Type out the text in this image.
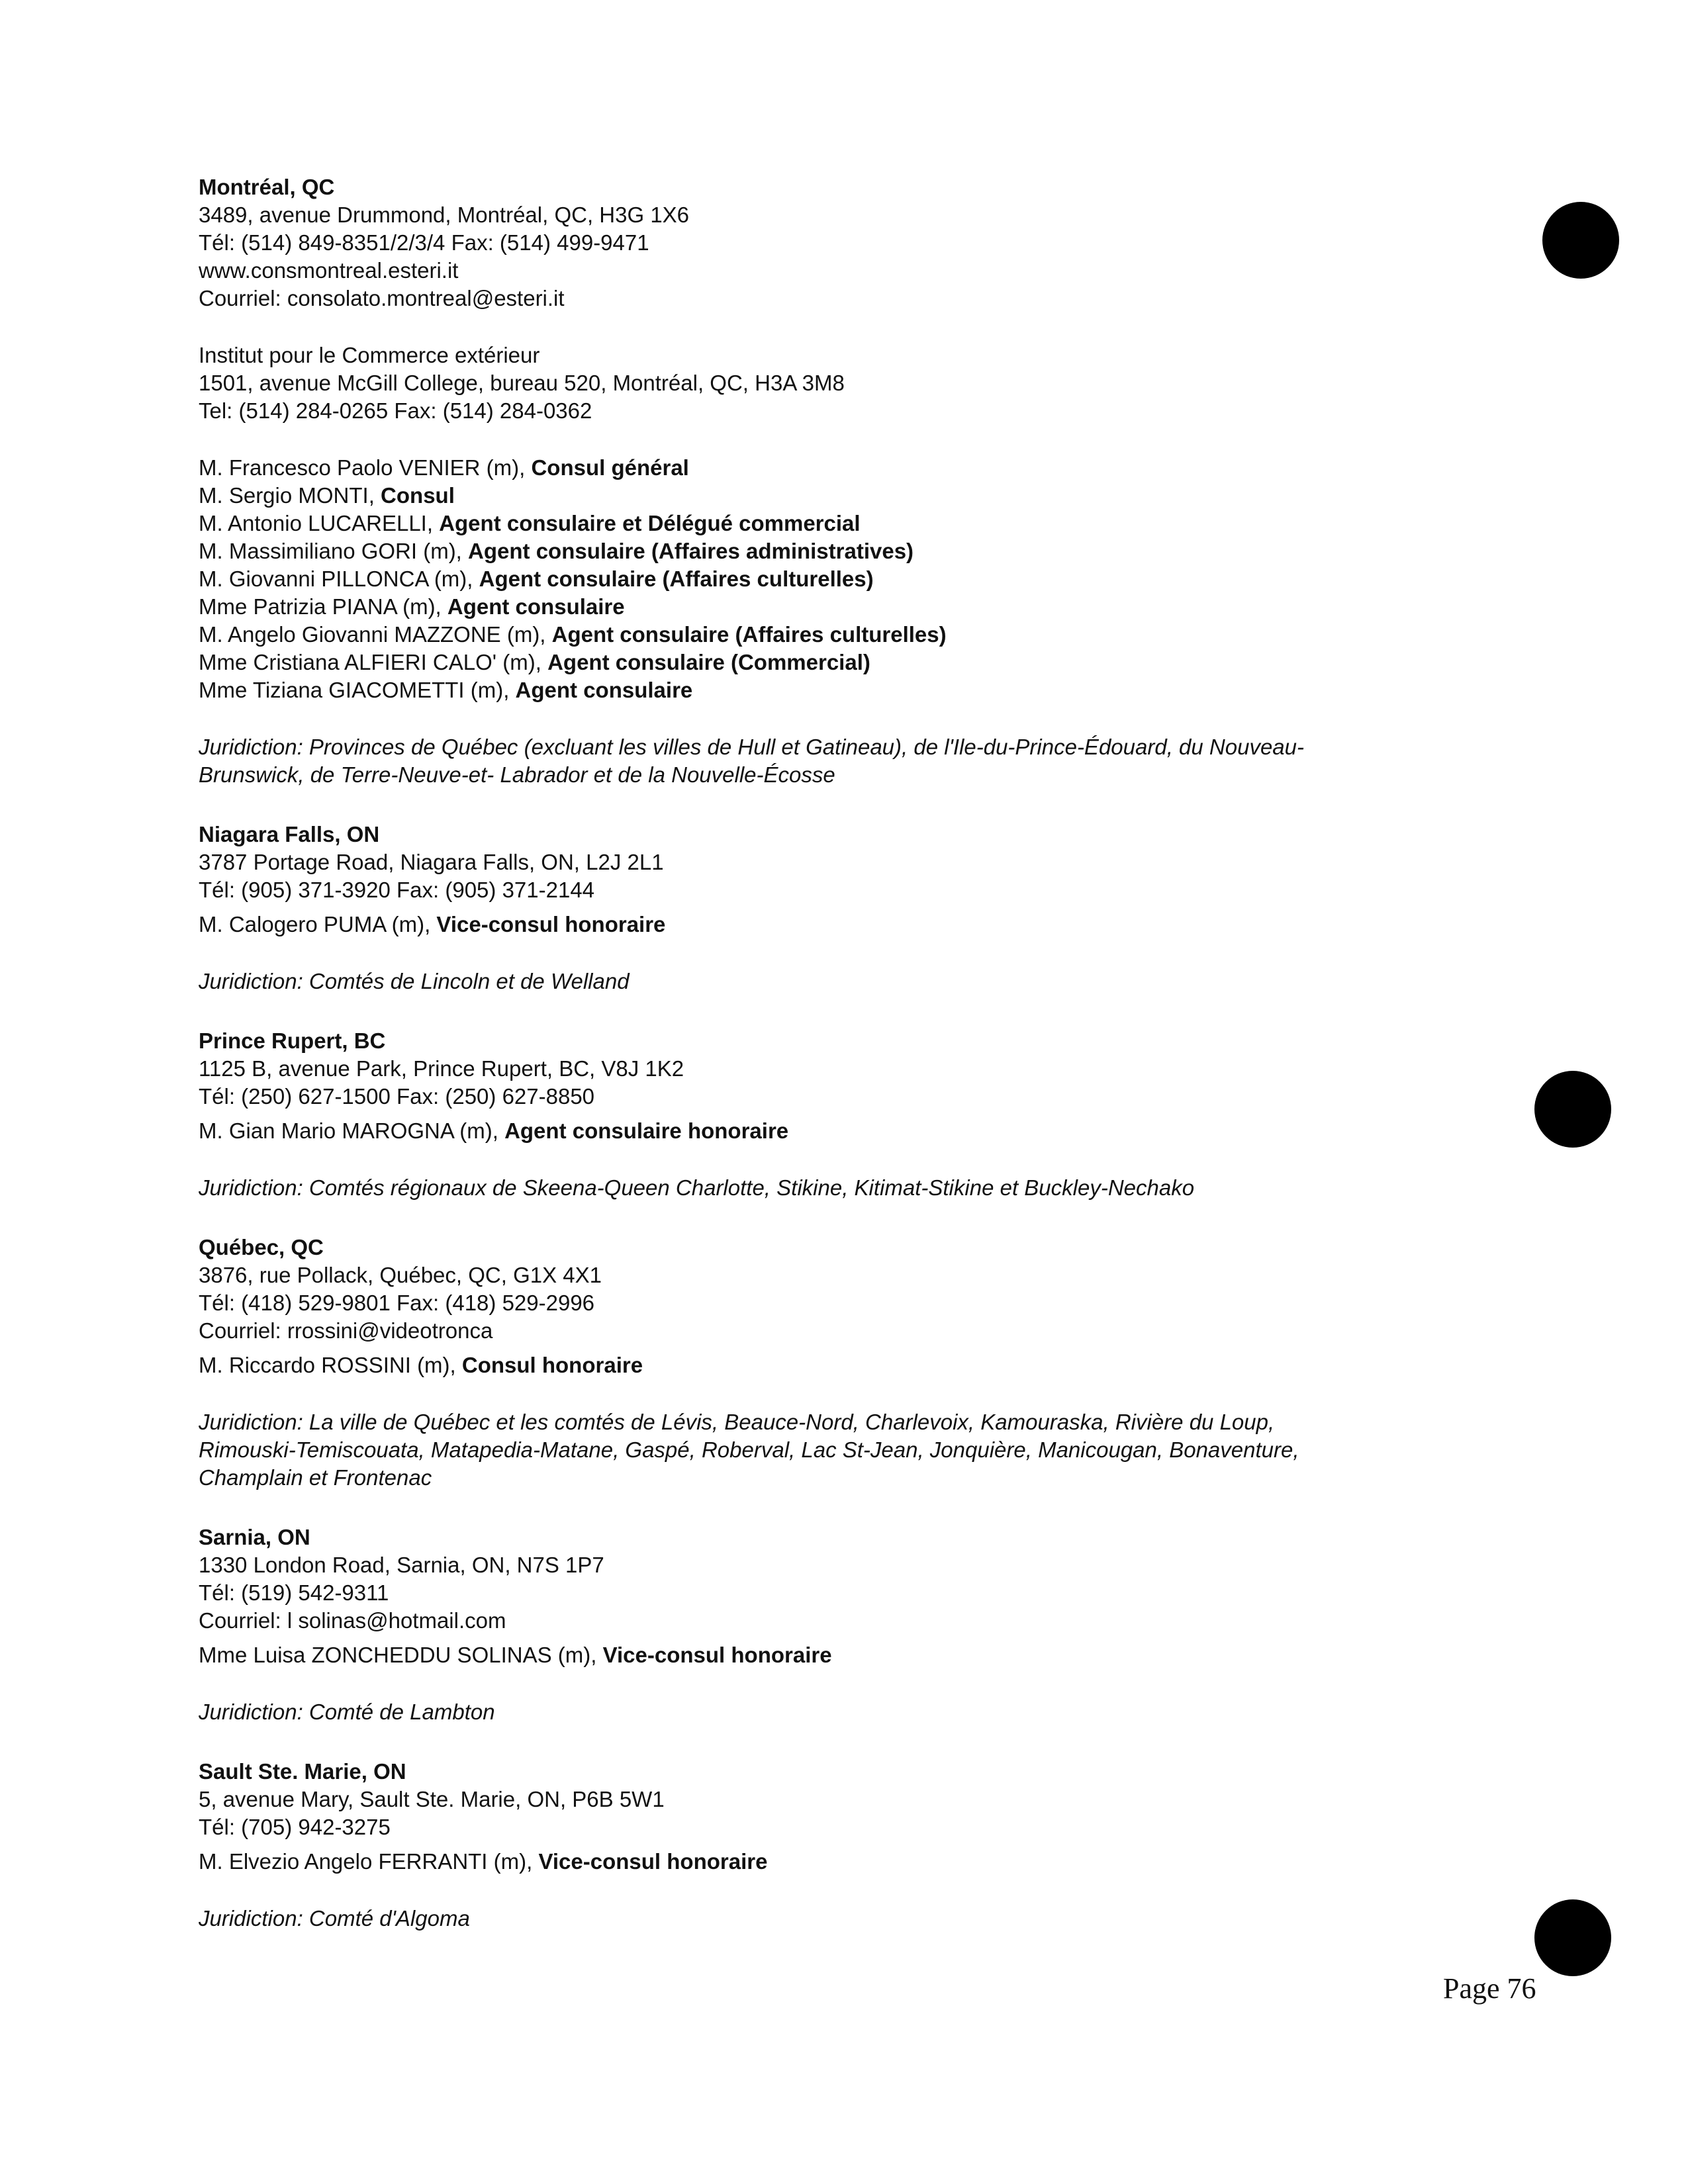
Montréal, QC
3489, avenue Drummond, Montréal, QC, H3G 1X6
Tél: (514) 849-8351/2/3/4 Fax: (514) 499-9471
www.consmontreal.esteri.it
Courriel: consolato.montreal@esteri.it
Institut pour le Commerce extérieur
1501, avenue McGill College, bureau 520, Montréal, QC, H3A 3M8
Tel: (514) 284-0265 Fax: (514) 284-0362
M. Francesco Paolo VENIER (m), Consul général
M. Sergio MONTI, Consul
M. Antonio LUCARELLI, Agent consulaire et Délégué commercial
M. Massimiliano GORI (m), Agent consulaire (Affaires administratives)
M. Giovanni PILLONCA (m), Agent consulaire (Affaires culturelles)
Mme Patrizia PIANA (m), Agent consulaire
M. Angelo Giovanni MAZZONE (m), Agent consulaire (Affaires culturelles)
Mme Cristiana ALFIERI CALO' (m), Agent consulaire (Commercial)
Mme Tiziana GIACOMETTI (m), Agent consulaire
Juridiction: Provinces de Québec (excluant les villes de Hull et Gatineau), de l'Ile-du-Prince-Édouard, du Nouveau-
Brunswick, de Terre-Neuve-et- Labrador et de la Nouvelle-Écosse
Niagara Falls, ON
3787 Portage Road, Niagara Falls, ON, L2J 2L1
Tél: (905) 371-3920 Fax: (905) 371-2144
M. Calogero PUMA (m), Vice-consul honoraire
Juridiction: Comtés de Lincoln et de Welland
Prince Rupert, BC
1125 B, avenue Park, Prince Rupert, BC, V8J 1K2
Tél: (250) 627-1500 Fax: (250) 627-8850
M. Gian Mario MAROGNA (m), Agent consulaire honoraire
Juridiction: Comtés régionaux de Skeena-Queen Charlotte, Stikine, Kitimat-Stikine et Buckley-Nechako
Québec, QC
3876, rue Pollack, Québec, QC, G1X 4X1
Tél: (418) 529-9801 Fax: (418) 529-2996
Courriel: rrossini@videotronca
M. Riccardo ROSSINI (m), Consul honoraire
Juridiction: La ville de Québec et les comtés de Lévis, Beauce-Nord, Charlevoix, Kamouraska, Rivière du Loup,
Rimouski-Temiscouata, Matapedia-Matane, Gaspé, Roberval, Lac St-Jean, Jonquière, Manicougan, Bonaventure,
Champlain et Frontenac
Sarnia, ON
1330 London Road, Sarnia, ON, N7S 1P7
Tél: (519) 542-9311
Courriel: l solinas@hotmail.com
Mme Luisa ZONCHEDDU SOLINAS (m), Vice-consul honoraire
Juridiction: Comté de Lambton
Sault Ste. Marie, ON
5, avenue Mary, Sault Ste. Marie, ON, P6B 5W1
Tél: (705) 942-3275
M. Elvezio Angelo FERRANTI (m), Vice-consul honoraire
Juridiction: Comté d'Algoma
Page 76
